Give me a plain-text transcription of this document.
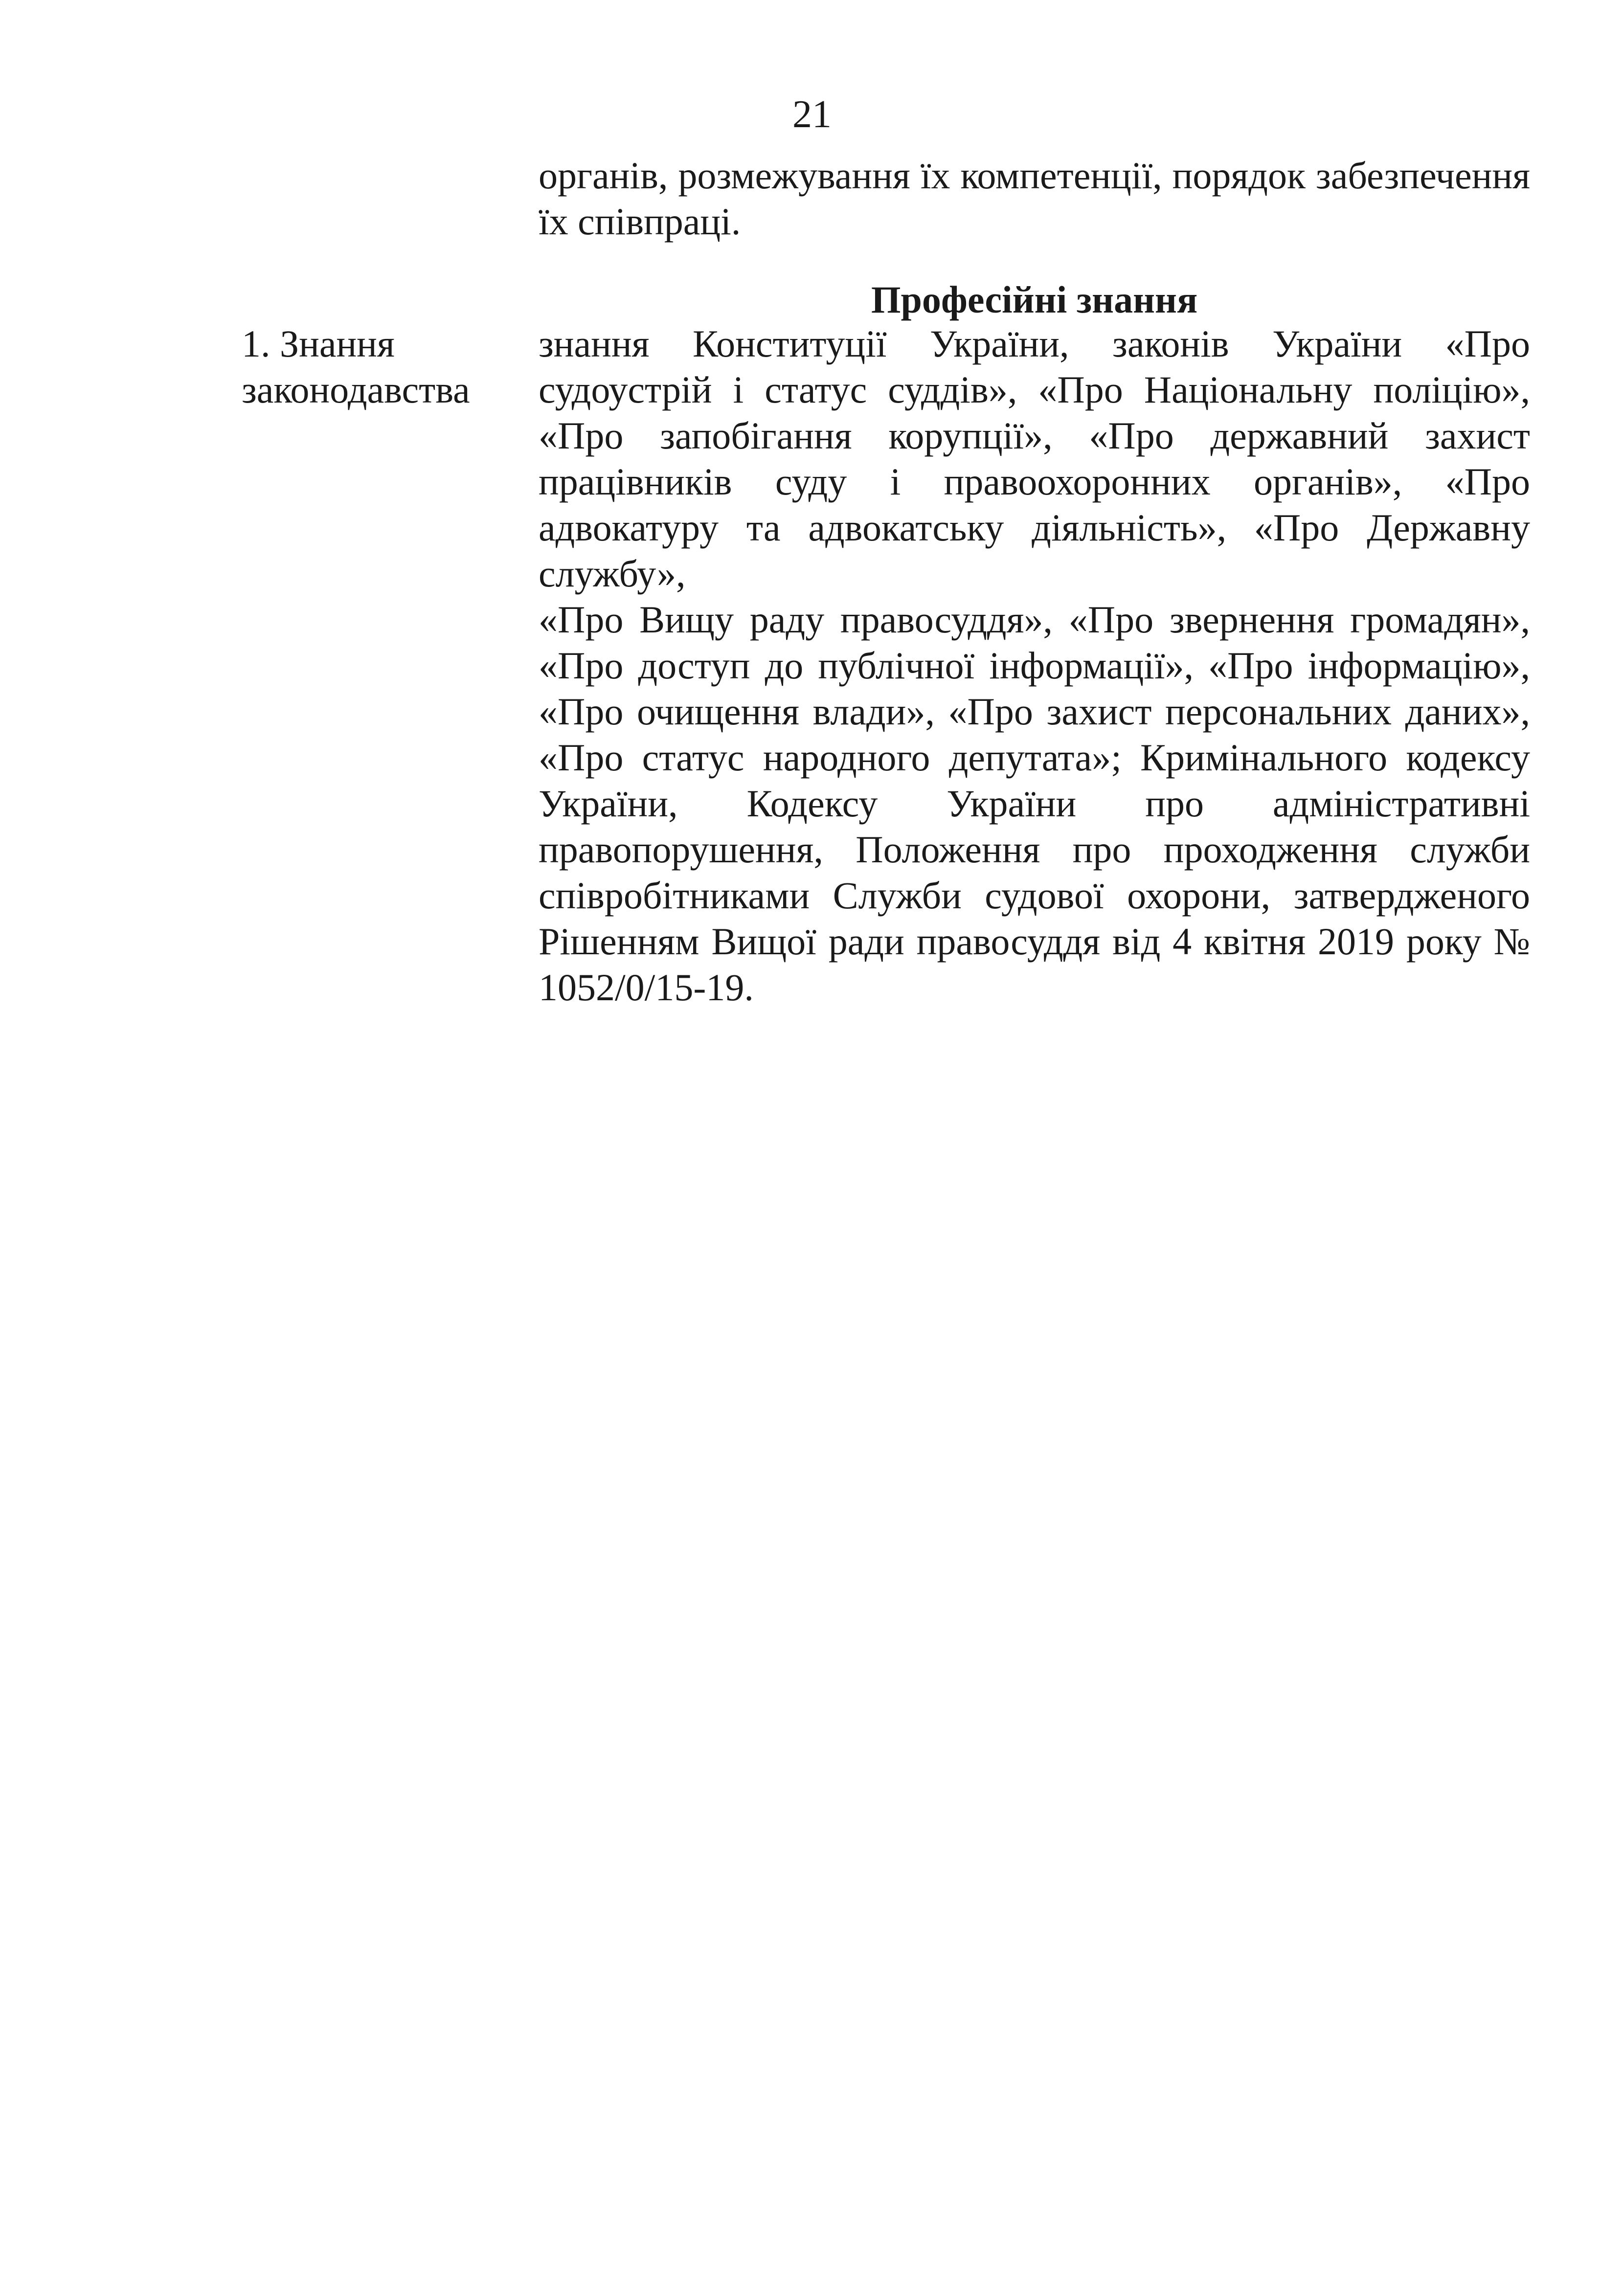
21
органів, розмежування їх компетенції, порядок забезпечення їх співпраці.
Професійні знання
1. Знання законодавства

знання Конституції України, законів України «Про судоустрій і статус суддів», «Про Національну поліцію», «Про запобігання корупції», «Про державний захист працівників суду і правоохоронних органів», «Про адвокатуру та адвокатську діяльність», «Про Державну службу»,

«Про Вищу раду правосуддя», «Про звернення громадян», «Про доступ до публічної інформації», «Про інформацію», «Про очищення влади», «Про захист персональних даних», «Про статус народного депутата»; Кримінального кодексу України, Кодексу України про адміністративні правопорушення, Положення про проходження служби співробітниками Служби судової охорони, затвердженого Рішенням Вищої ради правосуддя від 4 квітня 2019 року № 1052/0/15-19.
